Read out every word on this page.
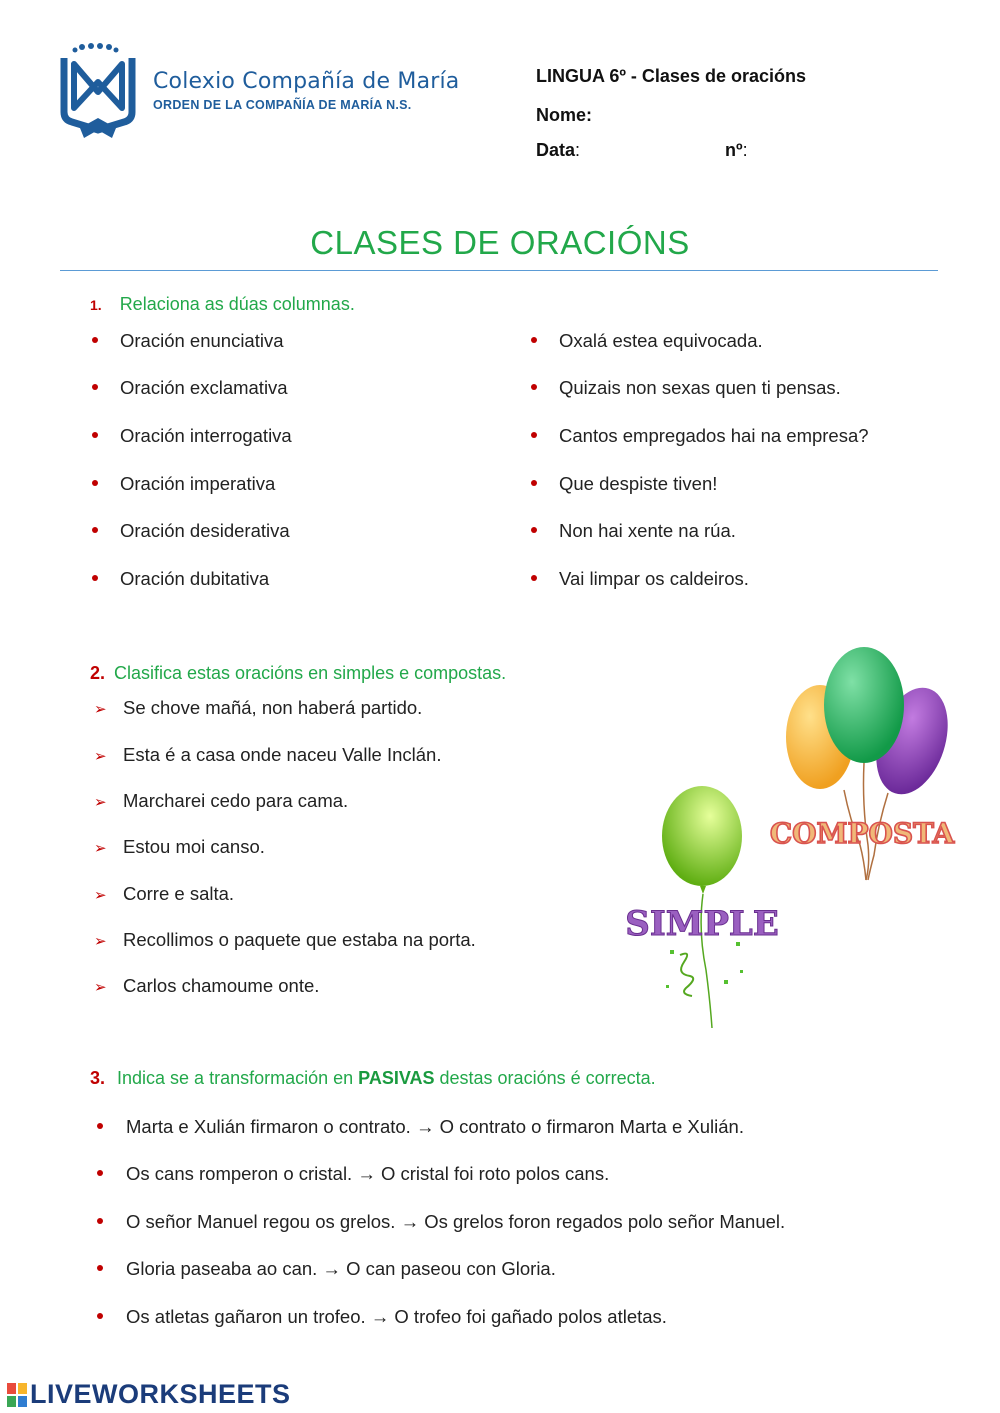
Colexio Compañía de María
ORDEN DE LA COMPAÑÍA DE MARÍA N.S.
LINGUA 6º - Clases de oracións
Nome:
Data:	nº:
CLASES DE ORACIÓNS
1. Relaciona as dúas columnas.
Oración enunciativa
Oración exclamativa
Oración interrogativa
Oración imperativa
Oración desiderativa
Oración dubitativa
Oxalá estea equivocada.
Quizais non sexas quen ti pensas.
Cantos empregados hai na empresa?
Que despiste tiven!
Non hai xente na rúa.
Vai limpar os caldeiros.
2. Clasifica estas oracións en simples e compostas.
➢ Se chove mañá, non haberá partido.
➢ Esta é a casa onde naceu Valle Inclán.
➢ Marcharei cedo para cama.
➢ Estou moi canso.
➢ Corre e salta.
➢ Recollimos o paquete que estaba na porta.
➢ Carlos chamoume onte.
COMPOSTA
SIMPLE
3. Indica se a transformación en PASIVAS destas oracións é correcta.
Marta e Xulián firmaron o contrato. → O contrato o firmaron Marta e Xulián.
Os cans romperon o cristal. → O cristal foi roto polos cans.
O señor Manuel regou os grelos. → Os grelos foron regados polo señor Manuel.
Gloria paseaba ao can. → O can paseou con Gloria.
Os atletas gañaron un trofeo. → O trofeo foi gañado polos atletas.
LIVEWORKSHEETS
